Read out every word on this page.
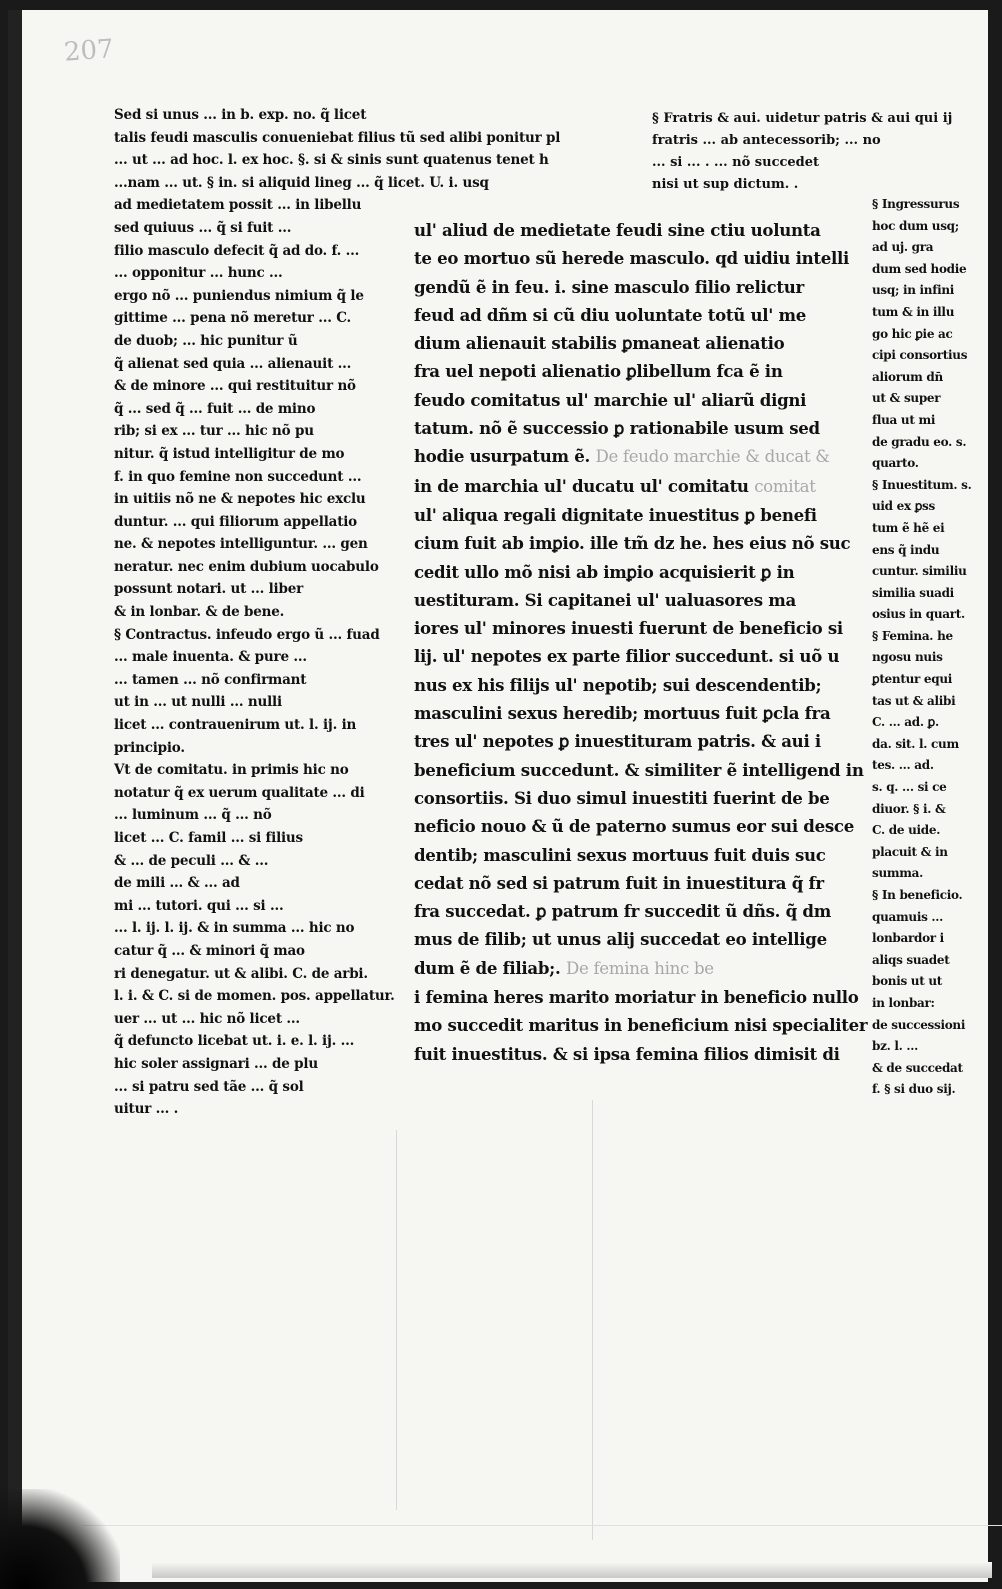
207

Sed si unus ... in b. exp. no. q̃ licet

talis feudi masculis conueniebat filius tũ sed alibi ponitur pl

... ut ... ad hoc. l. ex hoc. §. si & sinis sunt quatenus tenet h

...nam ... ut. § in. si aliquid lineg ... q̃ licet. U. i. usq

ad medietatem possit ... in libellu

sed quiuus ... q̃ si fuit ...

filio masculo defecit q̃ ad do. f. ...

... opponitur ... hunc ...

ergo nõ ... puniendus nimium q̃ le

gittime ... pena nõ meretur ... C.

de duob; ... hic punitur ũ

q̃ alienat sed quia ... alienauit ...

& de minore ... qui restituitur nõ

q̃ ... sed q̃ ... fuit ... de mino

rib; si ex ... tur ... hic nõ pu

nitur. q̃ istud intelligitur de mo

f. in quo femine non succedunt ...

in uitiis nõ ne & nepotes hic exclu

duntur. ... qui filiorum appellatio

ne. & nepotes intelliguntur. ... gen

neratur. nec enim dubium uocabulo

possunt notari. ut ... liber

& in lonbar. & de bene.

§ Contractus. infeudo ergo ũ ... fuad

... male inuenta. & pure ...

... tamen ... nõ confirmant

ut in ... ut nulli ... nulli

licet ... contrauenirum ut. l. ij. in

principio.

Vt de comitatu. in primis hic no

notatur q̃ ex uerum qualitate ... di

... luminum ... q̃ ... nõ

licet ... C. famil ... si filius

& ... de peculi ... & ...

de mili ... & ... ad

mi ... tutori. qui ... si ...

... l. ij. l. ij. & in summa ... hic no

catur q̃ ... & minori q̃ mao

ri denegatur. ut & alibi. C. de arbi.

l. i. & C. si de momen. pos. appellatur.

uer ... ut ... hic nõ licet ...

q̃ defuncto licebat ut. i. e. l. ij. ...

hic soler assignari ... de plu

... si patru sed tãe ... q̃ sol

uitur ... .

§ Fratris & aui. uidetur patris & aui qui ij

fratris ... ab antecessorib; ... no

... si ... . ... nõ succedet

nisi ut sup dictum. .

ul' aliud de medietate feudi sine ctiu uolunta

te eo mortuo sũ herede masculo. qd uidiu intelli

gendũ ẽ in feu. i. sine masculo filio relictur

feud ad dñm si cũ diu uoluntate totũ ul' me

dium alienauit stabilis ꝑmaneat alienatio

fra uel nepoti alienatio ꝑlibellum fca ẽ in

feudo comitatus ul' marchie ul' aliarũ digni

tatum. nõ ẽ successio ꝑ rationabile usum sed

hodie usurpatum ẽ. De feudo marchie & ducat &

in de marchia ul' ducatu ul' comitatu comitat

ul' aliqua regali dignitate inuestitus ꝑ benefi

cium fuit ab imꝑio. ille tm̃ dz he. hes eius nõ suc

cedit ullo mõ nisi ab imꝑio acquisierit ꝑ in

uestituram. Si capitanei ul' ualuasores ma

iores ul' minores inuesti fuerunt de beneficio si

lij. ul' nepotes ex parte filior succedunt. si uõ u

nus ex his filijs ul' nepotib; sui descendentib;

masculini sexus heredib; mortuus fuit ꝑcla fra

tres ul' nepotes ꝑ inuestituram patris. & aui i

beneficium succedunt. & similiter ẽ intelligend in

consortiis. Si duo simul inuestiti fuerint de be

neficio nouo & ũ de paterno sumus eor sui desce

dentib; masculini sexus mortuus fuit duis suc

cedat nõ sed si patrum fuit in inuestitura q̃ fr

fra succedat. ꝑ patrum fr succedit ũ dñs. q̃ dm

mus de filib; ut unus alij succedat eo intellige

dum ẽ de filiab;. De femina hinc be

i femina heres marito moriatur in beneficio nullo

mo succedit maritus in beneficium nisi specialiter

fuit inuestitus. & si ipsa femina filios dimisit di

§ Ingressurus

hoc dum usq;

ad uj. gra

dum sed hodie

usq; in infini

tum & in illu

go hic ꝑie ac

cipi consortius

aliorum dn̄

ut & super

flua ut mi

de gradu eo. s.

quarto.

§ Inuestitum. s.

uid ex ꝑss

tum ẽ hẽ ei

ens q̃ indu

cuntur. similiu

similia suadi

osius in quart.

§ Femina. he

ngosu nuis

ꝑtentur equi

tas ut & alibi

C. ... ad. ꝑ.

da. sit. l. cum

tes. ... ad.

s. q. ... si ce

diuor. § i. &

C. de uide.

placuit & in

summa.

§ In beneficio.

quamuis ...

lonbardor i

aliqs suadet

bonis ut ut

in lonbar:

de successioni

bz. l. ...

& de succedat

f. § si duo sij.
